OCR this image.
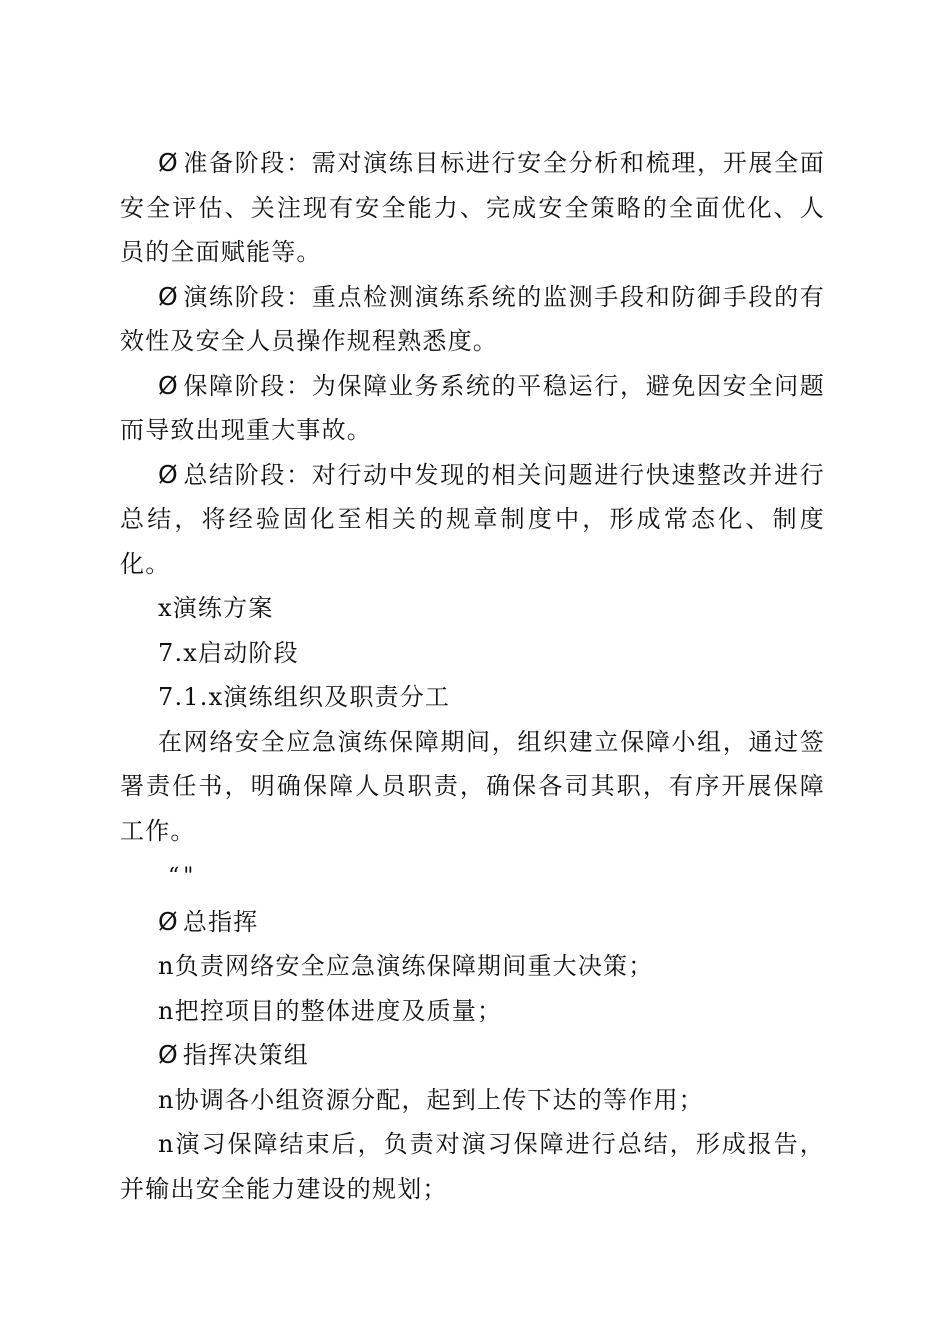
Ø 准备阶段：需对演练目标进行安全分析和梳理，开展全面安全评估、关注现有安全能力、完成安全策略的全面优化、人员的全面赋能等。

Ø 演练阶段：重点检测演练系统的监测手段和防御手段的有效性及安全人员操作规程熟悉度。

Ø 保障阶段：为保障业务系统的平稳运行，避免因安全问题而导致出现重大事故。

Ø 总结阶段：对行动中发现的相关问题进行快速整改并进行总结，将经验固化至相关的规章制度中，形成常态化、制度化。

x演练方案

7.x启动阶段

7.1.x演练组织及职责分工

在网络安全应急演练保障期间，组织建立保障小组，通过签署责任书，明确保障人员职责，确保各司其职，有序开展保障工作。

“"

Ø 总指挥

n负责网络安全应急演练保障期间重大决策；

n把控项目的整体进度及质量；

Ø 指挥决策组

n协调各小组资源分配，起到上传下达的等作用；

n演习保障结束后，负责对演习保障进行总结，形成报告，并输出安全能力建设的规划；
